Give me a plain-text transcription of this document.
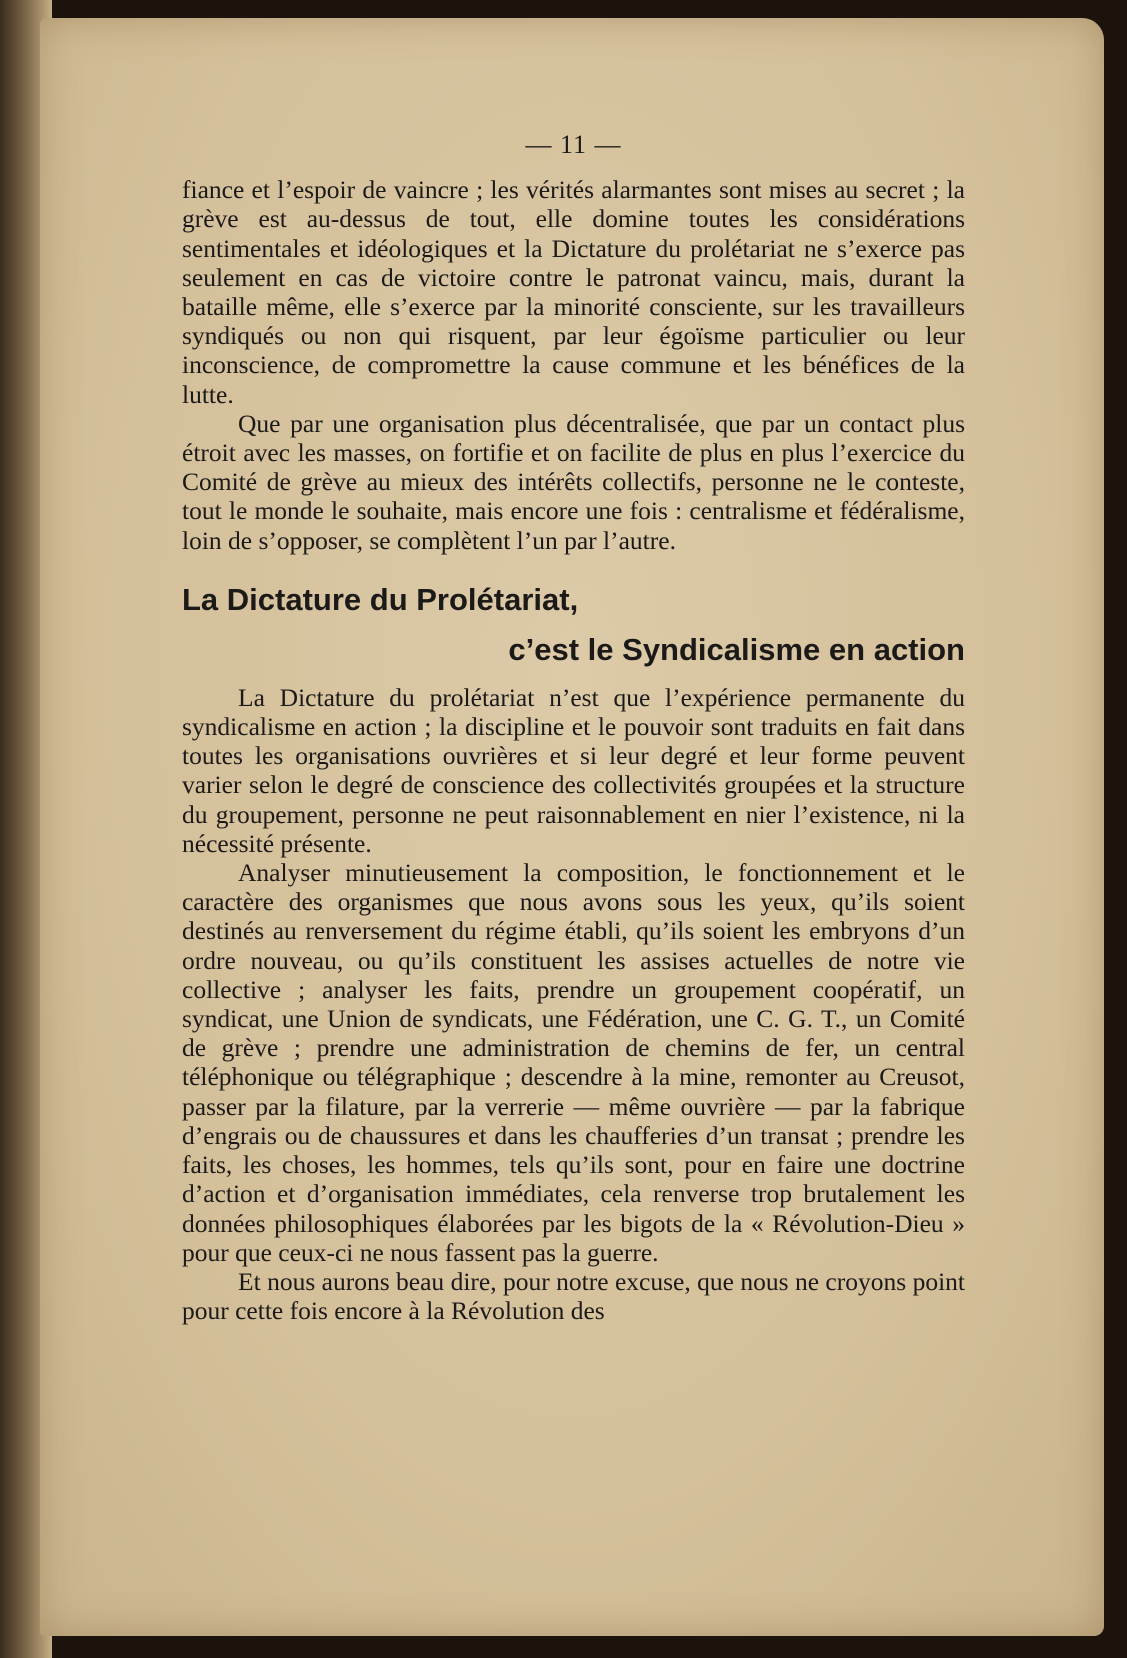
— 11 —

fiance et l’espoir de vaincre ; les vérités alarmantes sont mises au secret ; la grève est au-dessus de tout, elle domine toutes les considérations sentimentales et idéologiques et la Dictature du prolétariat ne s’exerce pas seulement en cas de victoire contre le patronat vaincu, mais, durant la bataille même, elle s’exerce par la minorité consciente, sur les travailleurs syndiqués ou non qui risquent, par leur égoïsme particulier ou leur inconscience, de compromettre la cause commune et les bénéfices de la lutte.

Que par une organisation plus décentralisée, que par un contact plus étroit avec les masses, on fortifie et on facilite de plus en plus l’exercice du Comité de grève au mieux des intérêts collectifs, personne ne le conteste, tout le monde le souhaite, mais encore une fois : centralisme et fédéralisme, loin de s’opposer, se complètent l’un par l’autre.

La Dictature du Prolétariat,
c’est le Syndicalisme en action

La Dictature du prolétariat n’est que l’expérience permanente du syndicalisme en action ; la discipline et le pouvoir sont traduits en fait dans toutes les organisations ouvrières et si leur degré et leur forme peuvent varier selon le degré de conscience des collectivités groupées et la structure du groupement, personne ne peut raisonnablement en nier l’existence, ni la nécessité présente.

Analyser minutieusement la composition, le fonctionnement et le caractère des organismes que nous avons sous les yeux, qu’ils soient destinés au renversement du régime établi, qu’ils soient les embryons d’un ordre nouveau, ou qu’ils constituent les assises actuelles de notre vie collective ; analyser les faits, prendre un groupement coopératif, un syndicat, une Union de syndicats, une Fédération, une C. G. T., un Comité de grève ; prendre une administration de chemins de fer, un central téléphonique ou télégraphique ; descendre à la mine, remonter au Creusot, passer par la filature, par la verrerie — même ouvrière — par la fabrique d’engrais ou de chaussures et dans les chaufferies d’un transat ; prendre les faits, les choses, les hommes, tels qu’ils sont, pour en faire une doctrine d’action et d’organisation immédiates, cela renverse trop brutalement les données philosophiques élaborées par les bigots de la « Révolution-Dieu » pour que ceux-ci ne nous fassent pas la guerre.

Et nous aurons beau dire, pour notre excuse, que nous ne croyons point pour cette fois encore à la Révolution des
